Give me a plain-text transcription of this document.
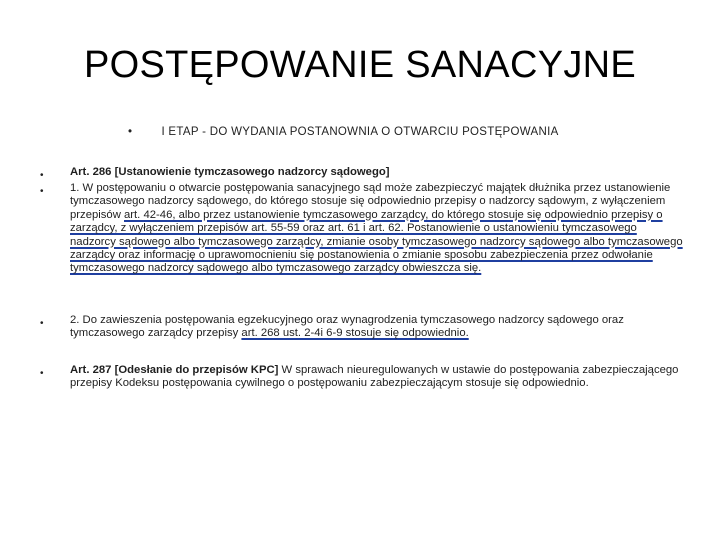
POSTĘPOWANIE SANACYJNE
•	I ETAP - DO WYDANIA POSTANOWNIA O OTWARCIU POSTĘPOWANIA
• Art. 286 [Ustanowienie tymczasowego nadzorcy sądowego]
• 1. W postępowaniu o otwarcie postępowania sanacyjnego sąd może zabezpieczyć majątek dłużnika przez ustanowienie tymczasowego nadzorcy sądowego, do którego stosuje się odpowiednio przepisy o nadzorcy sądowym, z wyłączeniem przepisów art. 42-46, albo przez ustanowienie tymczasowego zarządcy, do którego stosuje się odpowiednio przepisy o zarządcy, z wyłączeniem przepisów art. 55-59 oraz art. 61 i art. 62. Postanowienie o ustanowieniu tymczasowego nadzorcy sądowego albo tymczasowego zarządcy, zmianie osoby tymczasowego nadzorcy sądowego albo tymczasowego zarządcy oraz informację o uprawomocnieniu się postanowienia o zmianie sposobu zabezpieczenia przez odwołanie tymczasowego nadzorcy sądowego albo tymczasowego zarządcy obwieszcza się.
• 2. Do zawieszenia postępowania egzekucyjnego oraz wynagrodzenia tymczasowego nadzorcy sądowego oraz tymczasowego zarządcy przepisy art. 268 ust. 2-4i 6-9 stosuje się odpowiednio.
• Art. 287 [Odesłanie do przepisów KPC] W sprawach nieuregulowanych w ustawie do postępowania zabezpieczającego przepisy Kodeksu postępowania cywilnego o postępowaniu zabezpieczającym stosuje się odpowiednio.
